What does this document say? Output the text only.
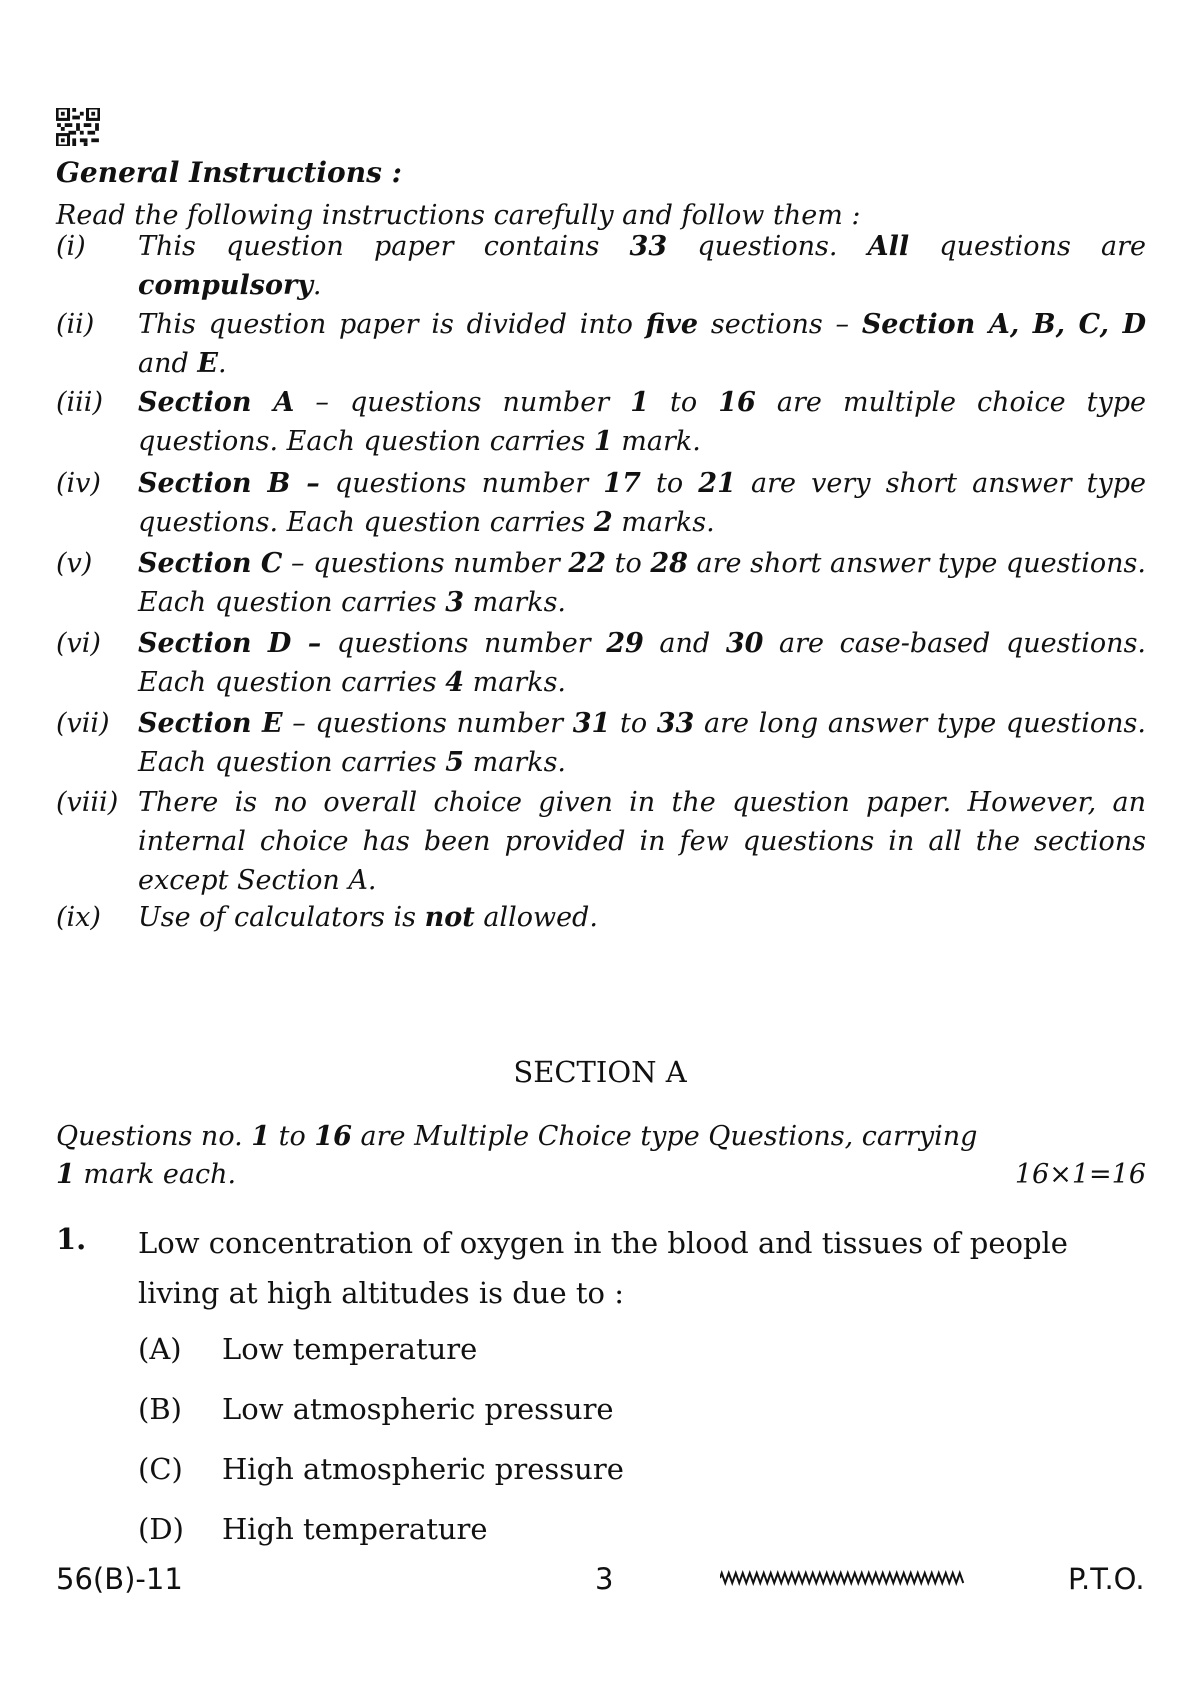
General Instructions :

Read the following instructions carefully and follow them :

(i) This question paper contains 33 questions. All questions are compulsory.
(ii) This question paper is divided into five sections – Section A, B, C, D and E.
(iii) Section A – questions number 1 to 16 are multiple choice type questions. Each question carries 1 mark.
(iv) Section B – questions number 17 to 21 are very short answer type questions. Each question carries 2 marks.
(v) Section C – questions number 22 to 28 are short answer type questions. Each question carries 3 marks.
(vi) Section D – questions number 29 and 30 are case-based questions. Each question carries 4 marks.
(vii) Section E – questions number 31 to 33 are long answer type questions. Each question carries 5 marks.
(viii) There is no overall choice given in the question paper. However, an internal choice has been provided in few questions in all the sections except Section A.
(ix) Use of calculators is not allowed.
SECTION A
Questions no. 1 to 16 are Multiple Choice type Questions, carrying
1 mark each.	16×1=16
1. Low concentration of oxygen in the blood and tissues of people living at high altitudes is due to :
(A) Low temperature
(B) Low atmospheric pressure
(C) High atmospheric pressure
(D) High temperature
56(B)-11	3	P.T.O.
